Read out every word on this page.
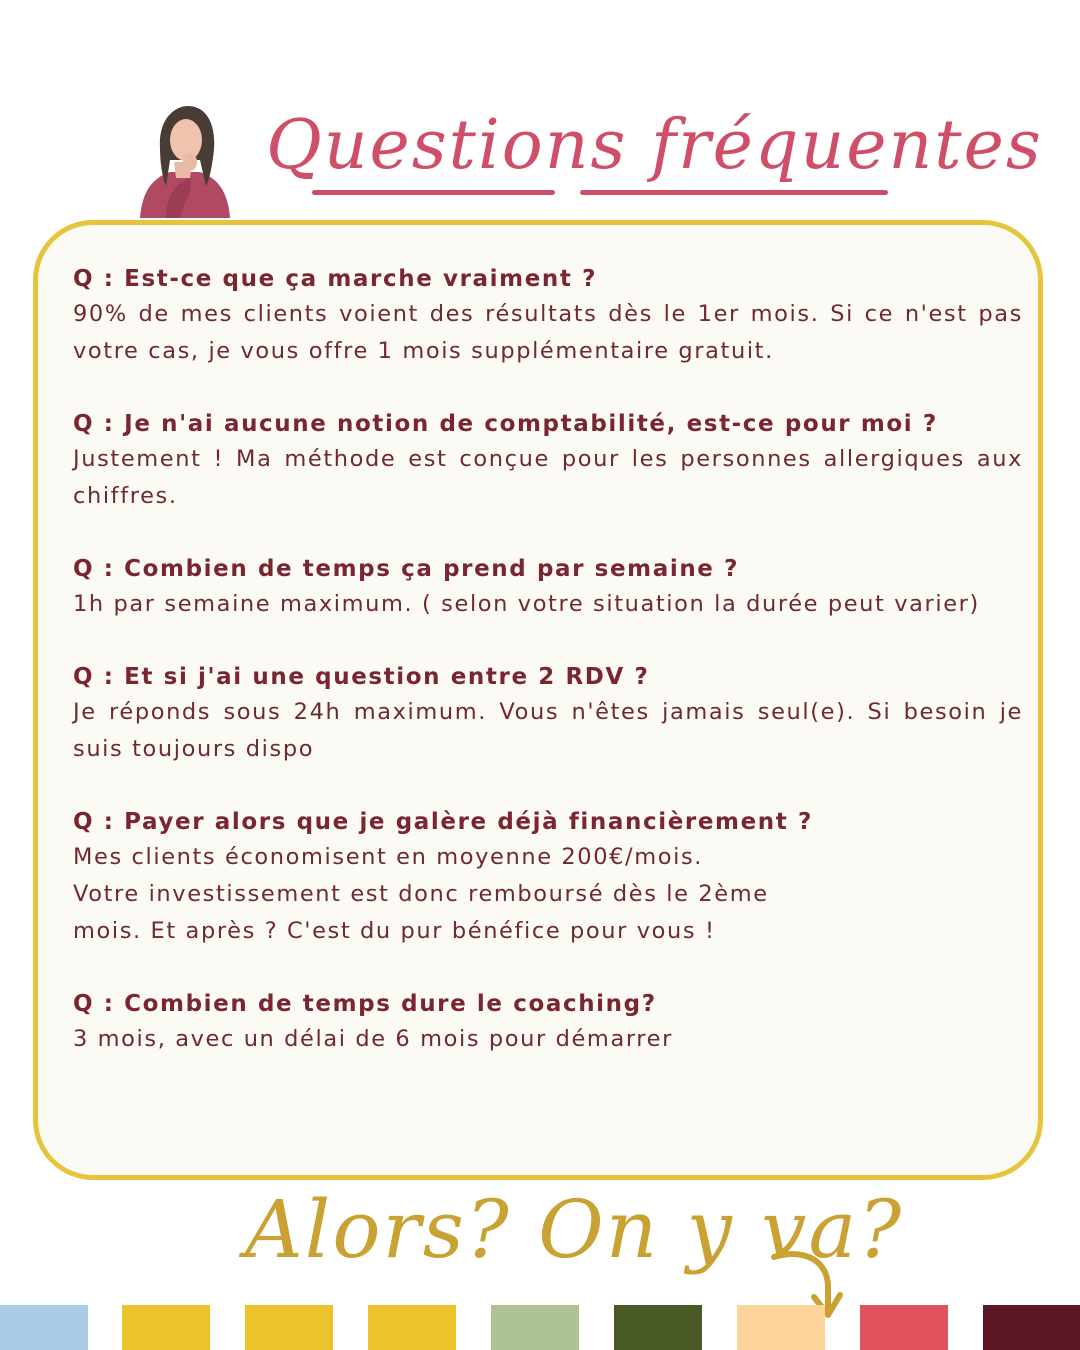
Questions fréquentes

Q : Est-ce que ça marche vraiment ?

90% de mes clients voient des résultats dès le 1er mois. Si ce n'est pas votre cas, je vous offre 1 mois supplémentaire gratuit.

Q : Je n'ai aucune notion de comptabilité, est-ce pour moi ?

Justement ! Ma méthode est conçue pour les personnes allergiques aux chiffres.

Q : Combien de temps ça prend par semaine ?

1h par semaine maximum. ( selon votre situation la durée peut varier)

Q : Et si j'ai une question entre 2 RDV ?

Je réponds sous 24h maximum. Vous n'êtes jamais seul(e). Si besoin je suis toujours dispo

Q : Payer alors que je galère déjà financièrement ?

Mes clients économisent en moyenne 200€/mois.
Votre investissement est donc remboursé dès le 2ème
mois. Et après ? C'est du pur bénéfice pour vous !

Q : Combien de temps dure le coaching?

3 mois, avec un délai de 6 mois pour démarrer

Alors? On y va?
